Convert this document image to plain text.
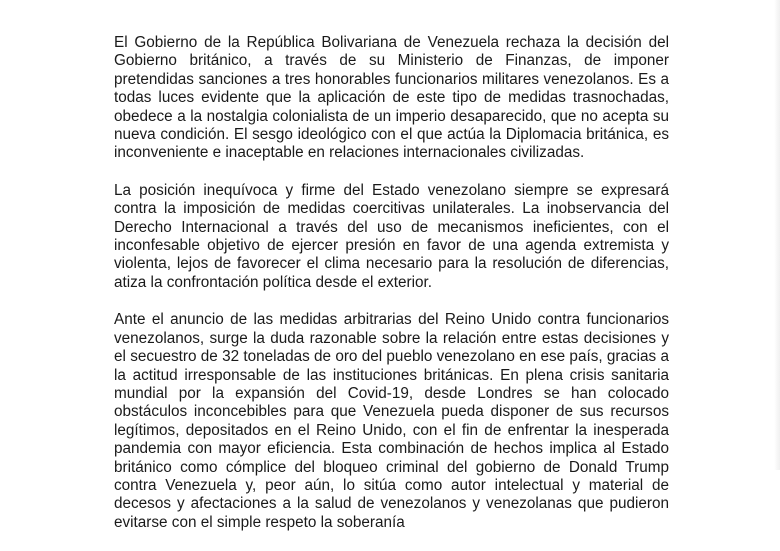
El Gobierno de la República Bolivariana de Venezuela rechaza la decisión del Gobierno británico, a través de su Ministerio de Finanzas, de imponer pretendidas sanciones a tres honorables funcionarios militares venezolanos. Es a todas luces evidente que la aplicación de este tipo de medidas trasnochadas, obedece a la nostalgia colonialista de un imperio desaparecido, que no acepta su nueva condición. El sesgo ideológico con el que actúa la Diplomacia británica, es inconveniente e inaceptable en relaciones internacionales civilizadas.

La posición inequívoca y firme del Estado venezolano siempre se expresará contra la imposición de medidas coercitivas unilaterales. La inobservancia del Derecho Internacional a través del uso de mecanismos ineficientes, con el inconfesable objetivo de ejercer presión en favor de una agenda extremista y violenta, lejos de favorecer el clima necesario para la resolución de diferencias, atiza la confrontación política desde el exterior.

Ante el anuncio de las medidas arbitrarias del Reino Unido contra funcionarios venezolanos, surge la duda razonable sobre la relación entre estas decisiones y el secuestro de 32 toneladas de oro del pueblo venezolano en ese país, gracias a la actitud irresponsable de las instituciones británicas. En plena crisis sanitaria mundial por la expansión del Covid-19, desde Londres se han colocado obstáculos inconcebibles para que Venezuela pueda disponer de sus recursos legítimos, depositados en el Reino Unido, con el fin de enfrentar la inesperada pandemia con mayor eficiencia. Esta combinación de hechos implica al Estado británico como cómplice del bloqueo criminal del gobierno de Donald Trump contra Venezuela y, peor aún, lo sitúa como autor intelectual y material de decesos y afectaciones a la salud de venezolanos y venezolanas que pudieron evitarse con el simple respeto la soberanía
